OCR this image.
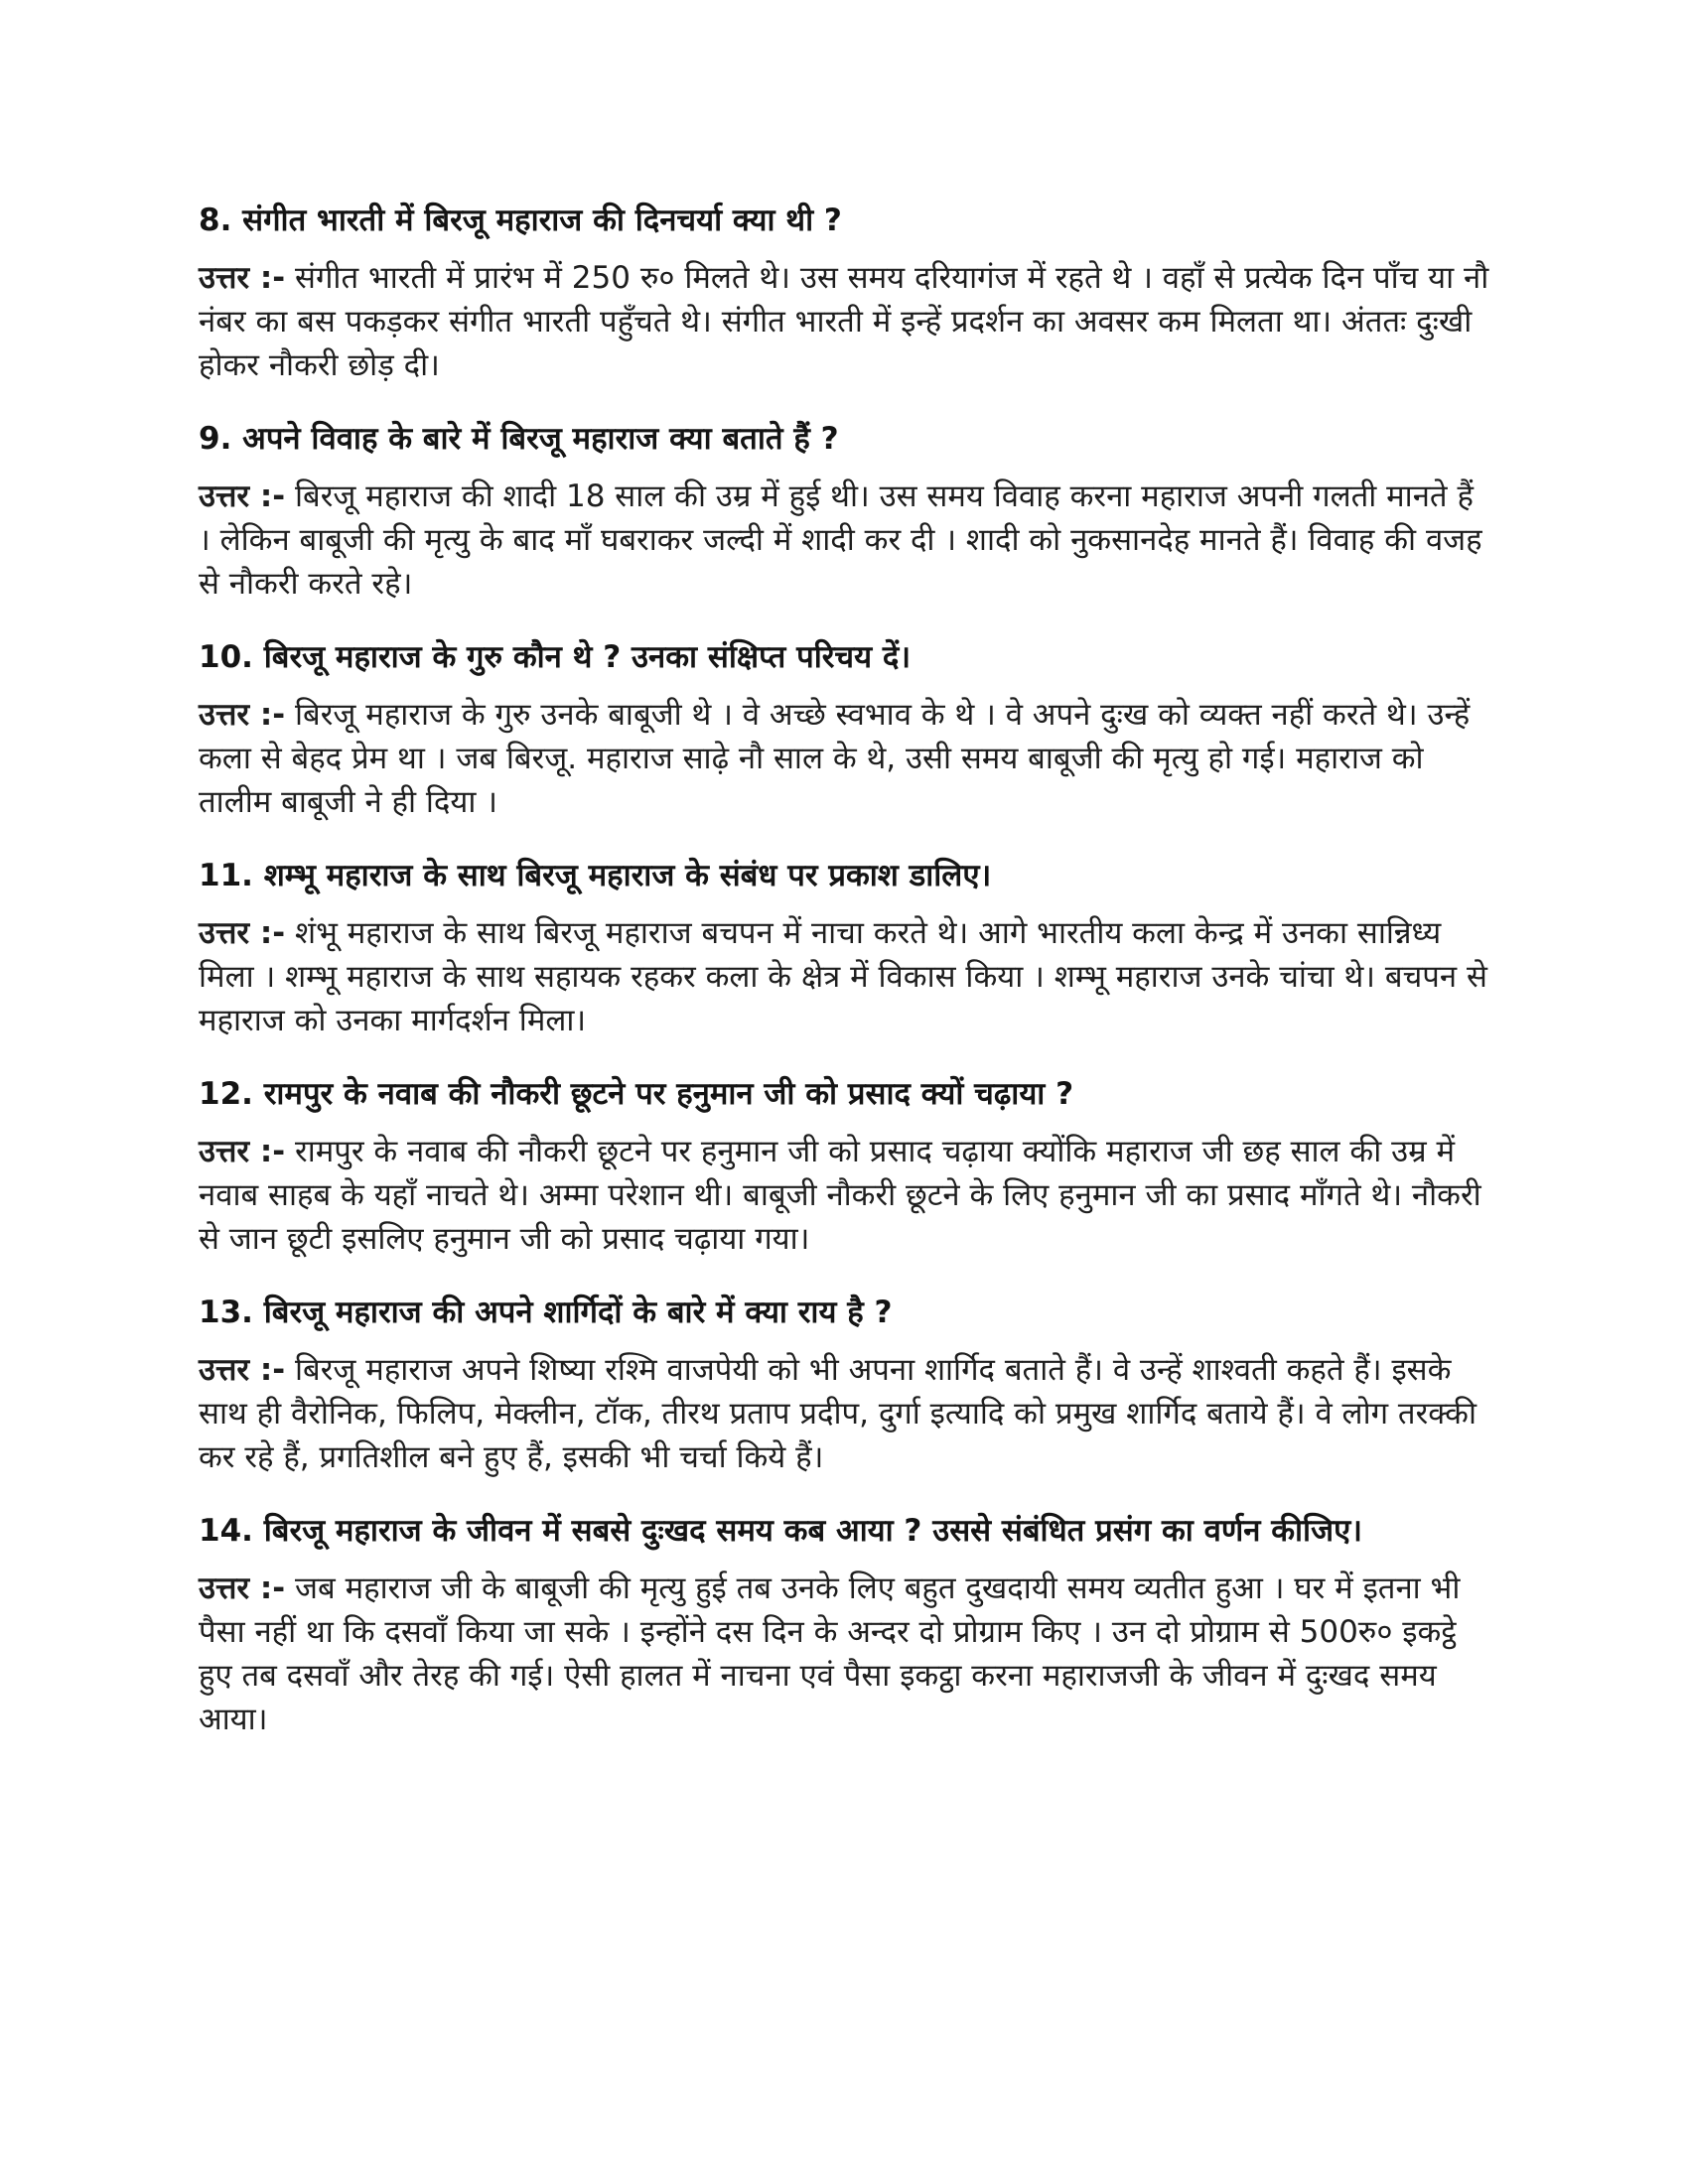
8. संगीत भारती में बिरजू महाराज की दिनचर्या क्या थी ?

उत्तर :- संगीत भारती में प्रारंभ में 250 रु० मिलते थे। उस समय दरियागंज में रहते थे । वहाँ से प्रत्येक दिन पाँच या नौ नंबर का बस पकड़कर संगीत भारती पहुँचते थे। संगीत भारती में इन्हें प्रदर्शन का अवसर कम मिलता था। अंततः दुःखी होकर नौकरी छोड़ दी।

9. अपने विवाह के बारे में बिरजू महाराज क्या बताते हैं ?

उत्तर :- बिरजू महाराज की शादी 18 साल की उम्र में हुई थी। उस समय विवाह करना महाराज अपनी गलती मानते हैं । लेकिन बाबूजी की मृत्यु के बाद माँ घबराकर जल्दी में शादी कर दी । शादी को नुकसानदेह मानते हैं। विवाह की वजह से नौकरी करते रहे।

10. बिरजू महाराज के गुरु कौन थे ? उनका संक्षिप्त परिचय दें।

उत्तर :- बिरजू महाराज के गुरु उनके बाबूजी थे । वे अच्छे स्वभाव के थे । वे अपने दुःख को व्यक्त नहीं करते थे। उन्हें कला से बेहद प्रेम था । जब बिरजू. महाराज साढ़े नौ साल के थे, उसी समय बाबूजी की मृत्यु हो गई। महाराज को तालीम बाबूजी ने ही दिया ।

11. शम्भू महाराज के साथ बिरजू महाराज के संबंध पर प्रकाश डालिए।

उत्तर :- शंभू महाराज के साथ बिरजू महाराज बचपन में नाचा करते थे। आगे भारतीय कला केन्द्र में उनका सान्निध्य मिला । शम्भू महाराज के साथ सहायक रहकर कला के क्षेत्र में विकास किया । शम्भू महाराज उनके चांचा थे। बचपन से महाराज को उनका मार्गदर्शन मिला।

12. रामपुर के नवाब की नौकरी छूटने पर हनुमान जी को प्रसाद क्यों चढ़ाया ?

उत्तर :- रामपुर के नवाब की नौकरी छूटने पर हनुमान जी को प्रसाद चढ़ाया क्योंकि महाराज जी छह साल की उम्र में नवाब साहब के यहाँ नाचते थे। अम्मा परेशान थी। बाबूजी नौकरी छूटने के लिए हनुमान जी का प्रसाद माँगते थे। नौकरी से जान छूटी इसलिए हनुमान जी को प्रसाद चढ़ाया गया।

13. बिरजू महाराज की अपने शार्गिदों के बारे में क्या राय है ?

उत्तर :- बिरजू महाराज अपने शिष्या रश्मि वाजपेयी को भी अपना शार्गिद बताते हैं। वे उन्हें शाश्वती कहते हैं। इसके साथ ही वैरोनिक, फिलिप, मेक्लीन, टॉक, तीरथ प्रताप प्रदीप, दुर्गा इत्यादि को प्रमुख शार्गिद बताये हैं। वे लोग तरक्की कर रहे हैं, प्रगतिशील बने हुए हैं, इसकी भी चर्चा किये हैं।

14. बिरजू महाराज के जीवन में सबसे दुःखद समय कब आया ? उससे संबंधित प्रसंग का वर्णन कीजिए।

उत्तर :- जब महाराज जी के बाबूजी की मृत्यु हुई तब उनके लिए बहुत दुखदायी समय व्यतीत हुआ । घर में इतना भी पैसा नहीं था कि दसवाँ किया जा सके । इन्होंने दस दिन के अन्दर दो प्रोग्राम किए । उन दो प्रोग्राम से 500रु० इकट्ठे हुए तब दसवाँ और तेरह की गई। ऐसी हालत में नाचना एवं पैसा इकट्ठा करना महाराजजी के जीवन में दुःखद समय आया।
